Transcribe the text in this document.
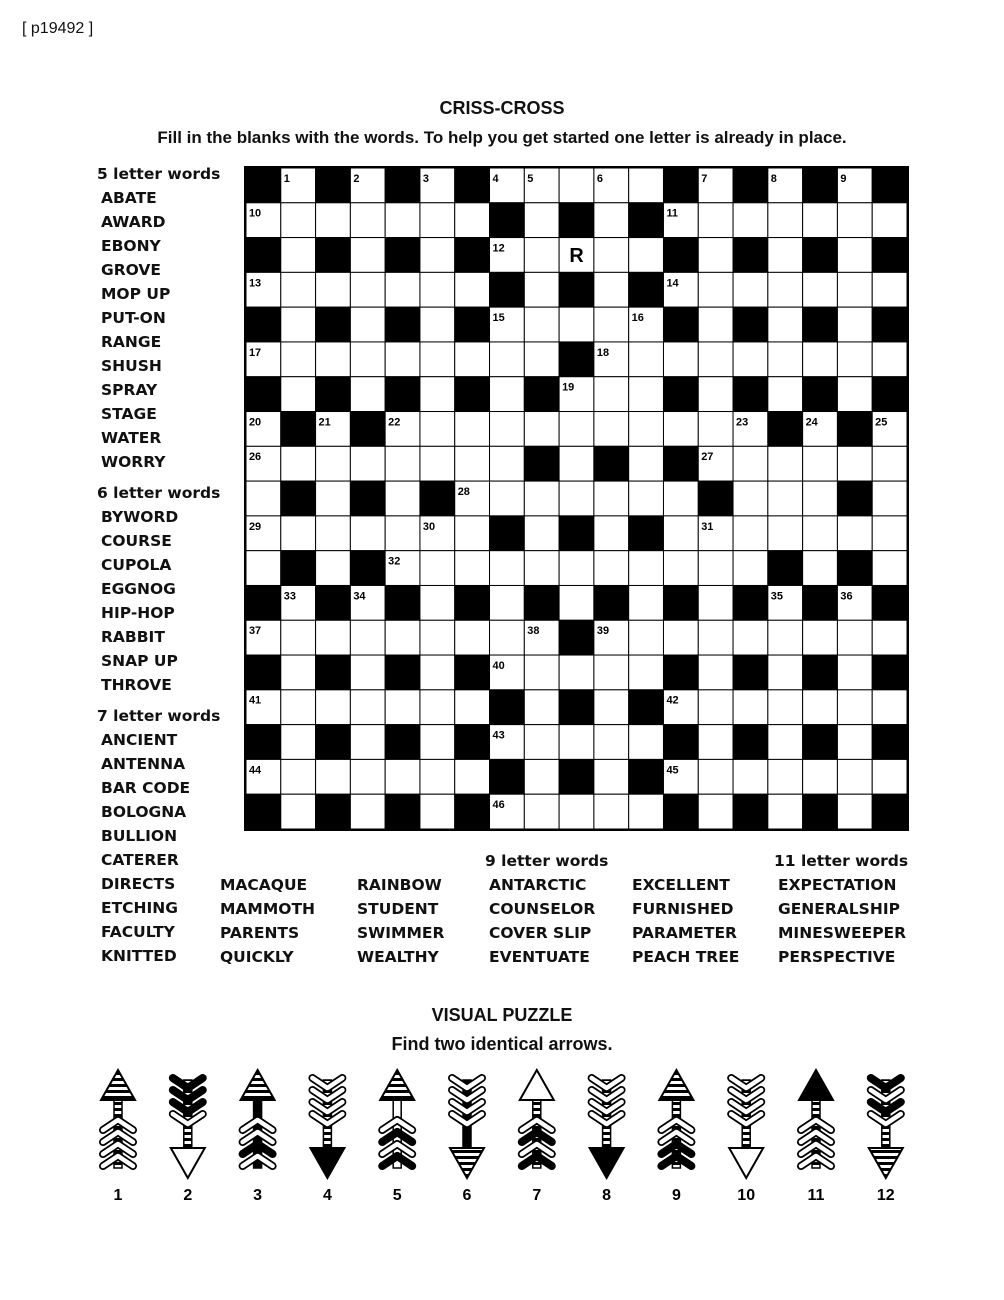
[ p19492 ]
CRISS-CROSS
Fill in the blanks with the words. To help you get started one letter is already in place.
5 letter words
ABATE
AWARD
EBONY
GROVE
MOP UP
PUT-ON
RANGE
SHUSH
SPRAY
STAGE
WATER
WORRY
6 letter words
BYWORD
COURSE
CUPOLA
EGGNOG
HIP-HOP
RABBIT
SNAP UP
THROVE
7 letter words
ANCIENT
ANTENNA
BAR CODE
BOLOGNA
BULLION
CATERER
DIRECTS
ETCHING
FACULTY
KNITTED
MACAQUE
MAMMOTH
PARENTS
QUICKLY
RAINBOW
STUDENT
SWIMMER
WEALTHY
9 letter words
ANTARCTIC
COUNSELOR
COVER SLIP
EVENTUATE
EXCELLENT
FURNISHED
PARAMETER
PEACH TREE
11 letter words
EXPECTATION
GENERALSHIP
MINESWEEPER
PERSPECTIVE
1	2	3	4	5	6	7	8	9
10	11
12
13	14
15	16
17	18
19
20	21	22	23	24	25
26	27
28
29	30	31
32
33	34	35	36
37	38	39
40
41	42
43
44	45
46
R
VISUAL PUZZLE
Find two identical arrows.
1	2	3	4	5	6	7	8	9	10	11	12
